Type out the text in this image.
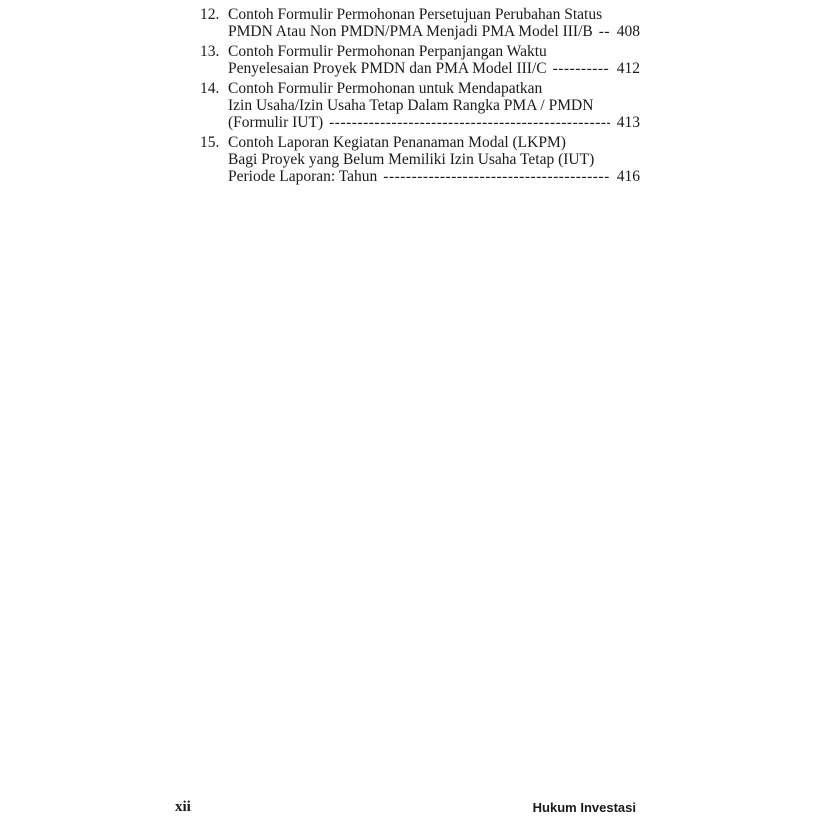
12. Contoh Formulir Permohonan Persetujuan Perubahan Status
PMDN Atau Non PMDN/PMA Menjadi PMA Model III/B ----- 408
13. Contoh Formulir Permohonan Perpanjangan Waktu
Penyelesaian Proyek PMDN dan PMA Model III/C -----	412
14. Contoh Formulir Permohonan untuk Mendapatkan
Izin Usaha/Izin Usaha Tetap Dalam Rangka PMA / PMDN
(Formulir IUT) -----	413
15. Contoh Laporan Kegiatan Penanaman Modal (LKPM)
Bagi Proyek yang Belum Memiliki Izin Usaha Tetap (IUT)
Periode Laporan: Tahun -----	416
xii	Hukum Investasi
